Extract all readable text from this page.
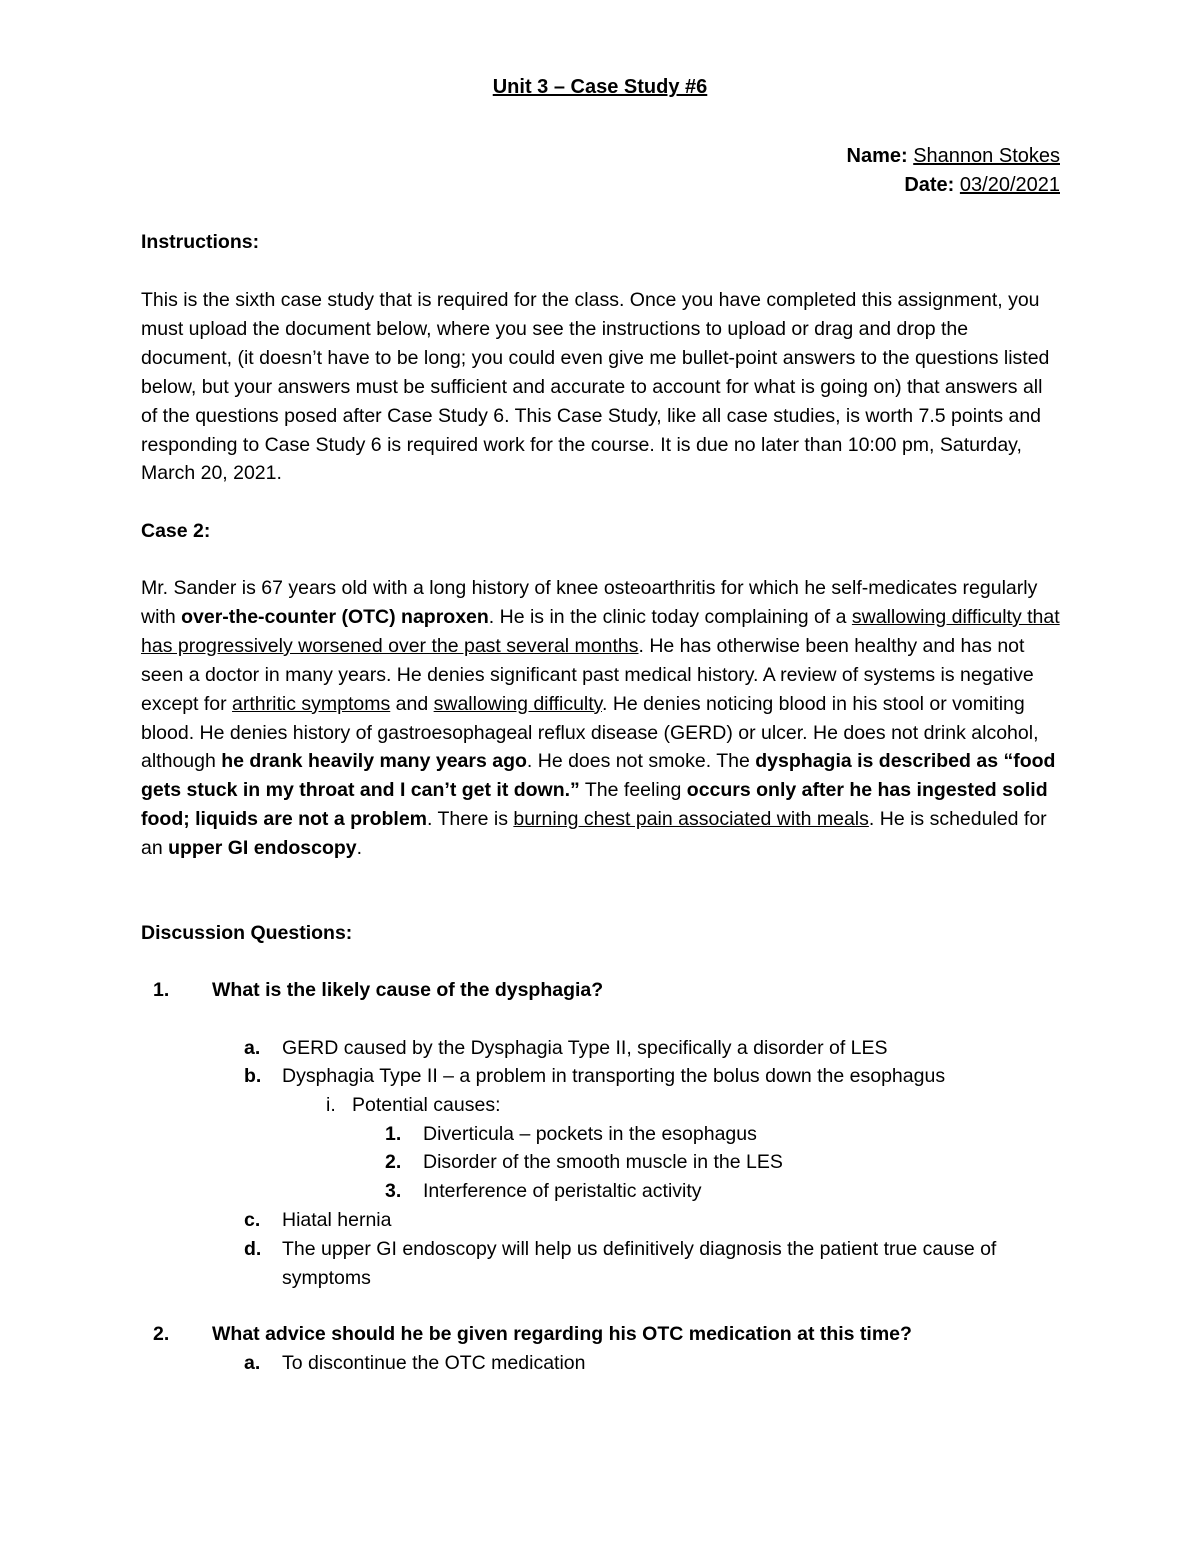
Unit 3 – Case Study #6
Name: Shannon Stokes
Date: 03/20/2021
Instructions:
This is the sixth case study that is required for the class. Once you have completed this assignment, you must upload the document below, where you see the instructions to upload or drag and drop the document, (it doesn’t have to be long; you could even give me bullet-point answers to the questions listed below, but your answers must be sufficient and accurate to account for what is going on) that answers all of the questions posed after Case Study 6. This Case Study, like all case studies, is worth 7.5 points and responding to Case Study 6 is required work for the course. It is due no later than 10:00 pm, Saturday, March 20, 2021.
Case 2:
Mr. Sander is 67 years old with a long history of knee osteoarthritis for which he self-medicates regularly with over-the-counter (OTC) naproxen. He is in the clinic today complaining of a swallowing difficulty that has progressively worsened over the past several months. He has otherwise been healthy and has not seen a doctor in many years. He denies significant past medical history. A review of systems is negative except for arthritic symptoms and swallowing difficulty. He denies noticing blood in his stool or vomiting blood. He denies history of gastroesophageal reflux disease (GERD) or ulcer. He does not drink alcohol, although he drank heavily many years ago. He does not smoke. The dysphagia is described as “food gets stuck in my throat and I can’t get it down.” The feeling occurs only after he has ingested solid food; liquids are not a problem. There is burning chest pain associated with meals. He is scheduled for an upper GI endoscopy.
Discussion Questions:
1.	What is the likely cause of the dysphagia?
a.	GERD caused by the Dysphagia Type II, specifically a disorder of LES
b.	Dysphagia Type II – a problem in transporting the bolus down the esophagus
i. Potential causes:
1.	Diverticula – pockets in the esophagus
2.	Disorder of the smooth muscle in the LES
3.	Interference of peristaltic activity
c.	Hiatal hernia
d.	The upper GI endoscopy will help us definitively diagnosis the patient true cause of symptoms
2.	What advice should he be given regarding his OTC medication at this time?
a.	To discontinue the OTC medication
